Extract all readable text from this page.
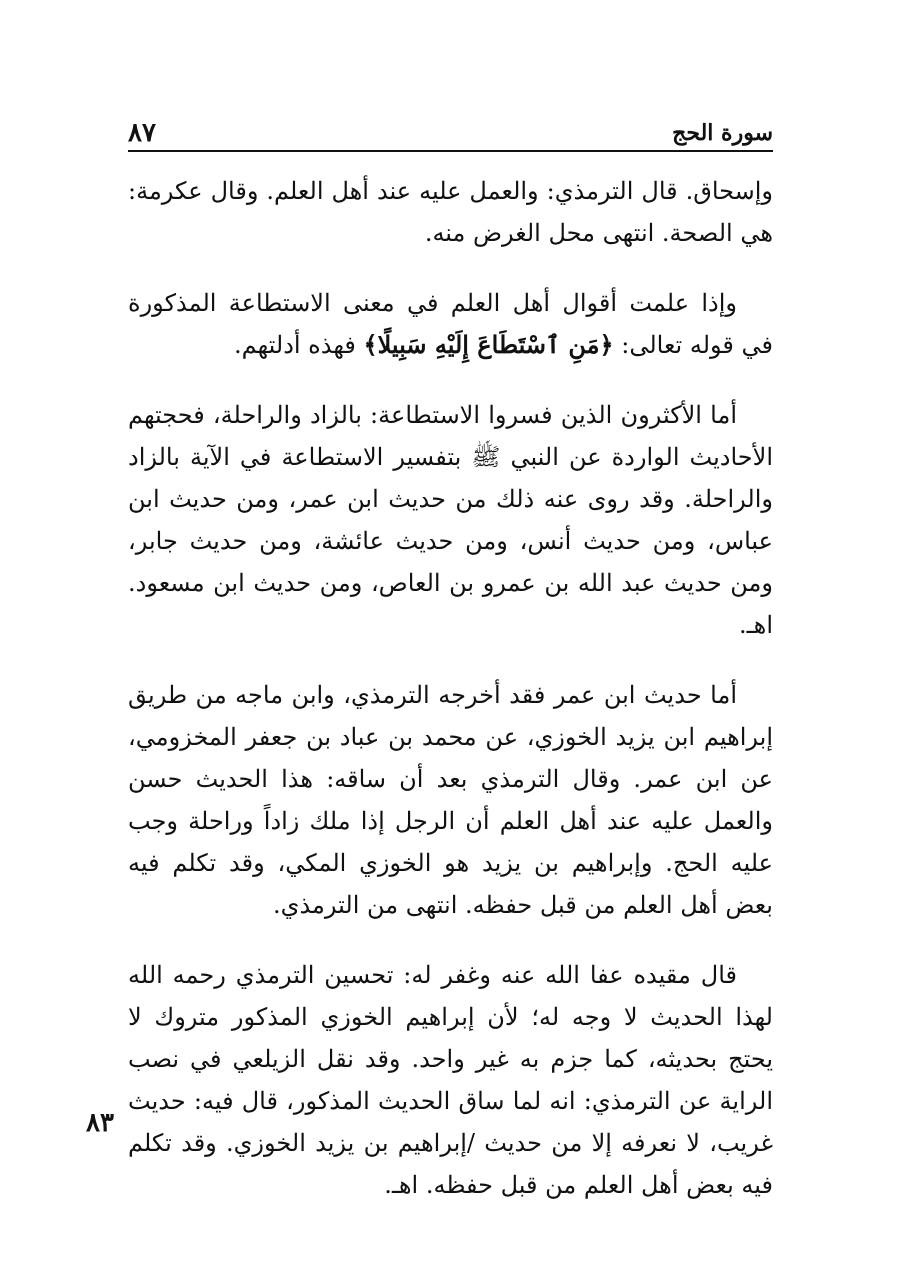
سورة الحج
٨٧

وإسحاق. قال الترمذي: والعمل عليه عند أهل العلم. وقال عكرمة: هي الصحة. انتهى محل الغرض منه.

وإذا علمت أقوال أهل العلم في معنى الاستطاعة المذكورة في قوله تعالى: ﴿مَنِ ٱسْتَطَاعَ إِلَيْهِ سَبِيلًا﴾ فهذه أدلتهم.

أما الأكثرون الذين فسروا الاستطاعة: بالزاد والراحلة، فحجتهم الأحاديث الواردة عن النبي ﷺ بتفسير الاستطاعة في الآية بالزاد والراحلة. وقد روى عنه ذلك من حديث ابن عمر، ومن حديث ابن عباس، ومن حديث أنس، ومن حديث عائشة، ومن حديث جابر، ومن حديث عبد الله بن عمرو بن العاص، ومن حديث ابن مسعود. اهـ.

أما حديث ابن عمر فقد أخرجه الترمذي، وابن ماجه من طريق إبراهيم ابن يزيد الخوزي، عن محمد بن عباد بن جعفر المخزومي، عن ابن عمر. وقال الترمذي بعد أن ساقه: هذا الحديث حسن والعمل عليه عند أهل العلم أن الرجل إذا ملك زاداً وراحلة وجب عليه الحج. وإبراهيم بن يزيد هو الخوزي المكي، وقد تكلم فيه بعض أهل العلم من قبل حفظه. انتهى من الترمذي.

قال مقيده عفا الله عنه وغفر له: تحسين الترمذي رحمه الله لهذا الحديث لا وجه له؛ لأن إبراهيم الخوزي المذكور متروك لا يحتج بحديثه، كما جزم به غير واحد. وقد نقل الزيلعي في نصب الراية عن الترمذي: انه لما ساق الحديث المذكور، قال فيه: حديث غريب، لا نعرفه إلا من حديث /إبراهيم بن يزيد الخوزي. وقد تكلم فيه بعض أهل العلم من قبل حفظه. اهـ.

٨٣
